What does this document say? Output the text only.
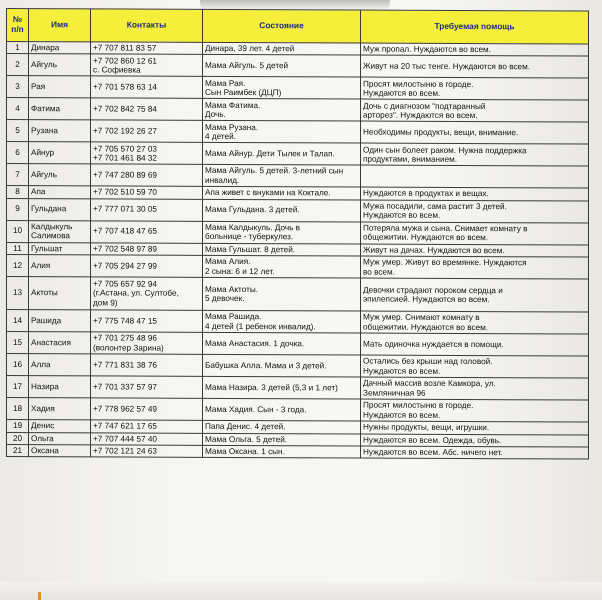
№
п/п	Имя	Контакты	Состояние	Требуемая помощь
1	Динара	+7 707 811 83 57	Динара, 39 лет. 4 детей	Муж пропал. Нуждаются во всем.
2	Айгуль	+7 702 860 12 61
с. Софиевка	Мама Айгуль. 5 детей	Живут на 20 тыс тенге. Нуждаются во всем.
3	Рая	+7 701 578 63 14	Мама Рая.
Сын Раимбек (ДЦП)	Просят милостыню в городе.
Нуждаются во всем.
4	Фатима	+7 702 842 75 84	Мама Фатима.
Дочь.	Дочь с диагнозом "подтаранный
арторез". Нуждаются во всем.
5	Рузана	+7 702 192 26 27	Мама Рузана.
4 детей.	Необходимы продукты, вещи, внимание.
6	Айнур	+7 705 570 27 03
+7 701 461 84 32	Мама Айнур. Дети Тылек и Талап.	Один сын болеет раком. Нужна поддержка
продуктами, вниманием.
7	Айгуль	+7 747 280 89 69	Мама Айгуль. 5 детей. 3-летний сын инвалид.	
8	Апа	+7 702 510 59 70	Апа живет с внуками на Коктале.	Нуждаются в продуктах и вещах.
9	Гульдана	+7 777 071 30 05	Мама Гульдана. 3 детей.	Мужа посадили, сама растит 3 детей.
Нуждаются во всем.
10	Калдыкуль
Салимова	+7 707 418 47 65	Мама Калдыкуль. Дочь в
больнице - туберкулез.	Потеряла мужа и сына. Снимает комнату в
общежитии. Нуждаются во всем.
11	Гульшат	+7 702 548 97 89	Мама Гульшат. 8 детей.	Живут на дачах. Нуждаются во всем.
12	Алия	+7 705 294 27 99	Мама Алия.
2 сына: 6 и 12 лет.	Муж умер. Живут во времянке. Нуждаются
во всем.
13	Актоты	+7 705 657 92 94
(г.Астана, ул. Султобе,
дом 9)	Мама Актоты.
5 девочек.	Девочки страдают пороком сердца и
эпилепсией. Нуждаются во всем.
14	Рашида	+7 775 748 47 15	Мама Рашида.
4 детей (1 ребенок инвалид).	Муж умер. Снимают комнату в
общежитии. Нуждаются во всем.
15	Анастасия	+7 701 275 48 96
(волонтер Зарина)	Мама Анастасия. 1 дочка.	Мать одиночка нуждается в помощи.
16	Алла	+7 771 831 38 76	Бабушка Алла. Мама и 3 детей.	Остались без крыши над головой.
Нуждаются во всем.
17	Назира	+7 701 337 57 97	Мама Назира. 3 детей (5,3 и 1 лет)	Дачный массив возле Камкора, ул.
Земляничная 96
18	Хадия	+7 778 962 57 49	Мама Хадия. Сын - 3 года.	Просят милостыню в городе.
Нуждаются во всем.
19	Денис	+7 747 621 17 65	Папа Денис. 4 детей.	Нужны продукты, вещи, игрушки.
20	Ольга	+7 707 444 57 40	Мама Ольга. 5 детей.	Нуждаются во всем. Одежда, обувь.
21	Оксана	+7 702 121 24 63	Мама Оксана. 1 сын.	Нуждаются во всем. Абс. ничего нет.
